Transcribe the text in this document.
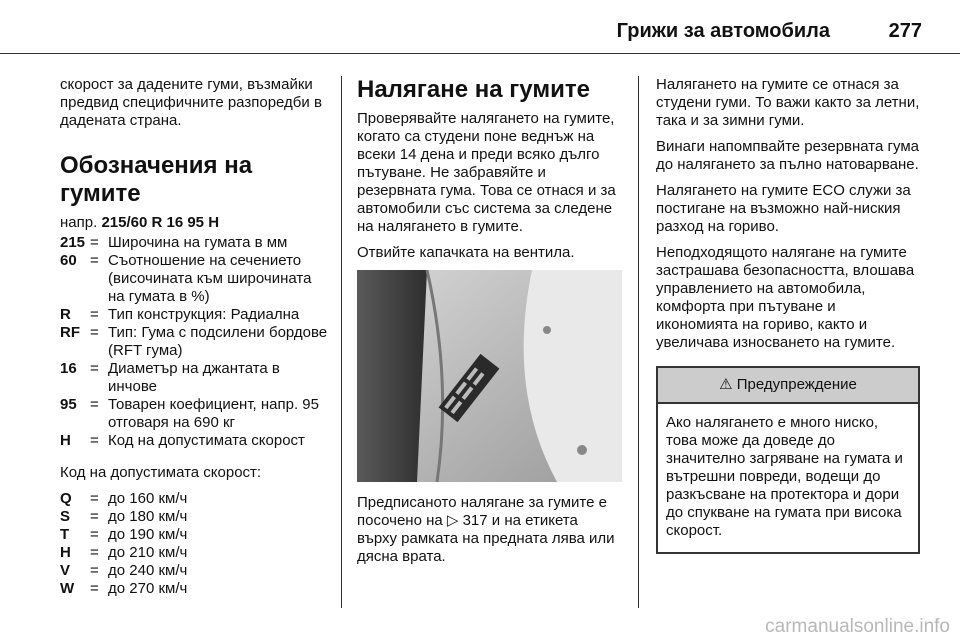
Грижи за автомобила	277

скорост за дадените гуми, възмайки предвид специфичните разпоредби в дадената страна.

Обозначения на гумите
напр. 215/60 R 16 95 H
215 = Широчина на гумата в мм
60 = Съотношение на сечението (височината към широчината на гумата в %)
R	= Тип конструкция: Радиална
RF = Тип: Гума с подсилени бордове (RFT гума)
16 = Диаметър на джантата в инчове
95 = Товарен коефициент, напр. 95 отговаря на 690 кг
H	= Код на допустимата скорост

Код на допустимата скорост:

Q	= до 160 км/ч
S	= до 180 км/ч
T	= до 190 км/ч
H	= до 210 км/ч
V	= до 240 км/ч
W	= до 270 км/ч
Налягане на гумите

Проверявайте налягането на гумите, когато са студени поне веднъж на всеки 14 дена и преди всяко дълго пътуване. Не забравяйте и резервната гума. Това се отнася и за автомобили със система за следене на налягането в гумите.

Отвийте капачката на вентила.

Предписаното налягане за гумите е посочено на ▷ 317 и на етикета върху рамката на предната лява или дясна врата.

Налягането на гумите се отнася за студени гуми. То важи както за летни, така и за зимни гуми.

Винаги напомпвайте резервната гума до налягането за пълно натоварване.

Налягането на гумите ECO служи за постигане на възможно най-ниския разход на гориво.

Неподходящото налягане на гумите застрашава безопасността, влошава управлението на автомобила, комфорта при пътуване и икономията на гориво, както и увеличава износването на гумите.

⚠ Предупреждение
Ако налягането е много ниско, това може да доведе до значително загряване на гумата и вътрешни повреди, водещи до разкъсване на протектора и дори до спукване на гумата при висока скорост.
carmanualsonline.info
